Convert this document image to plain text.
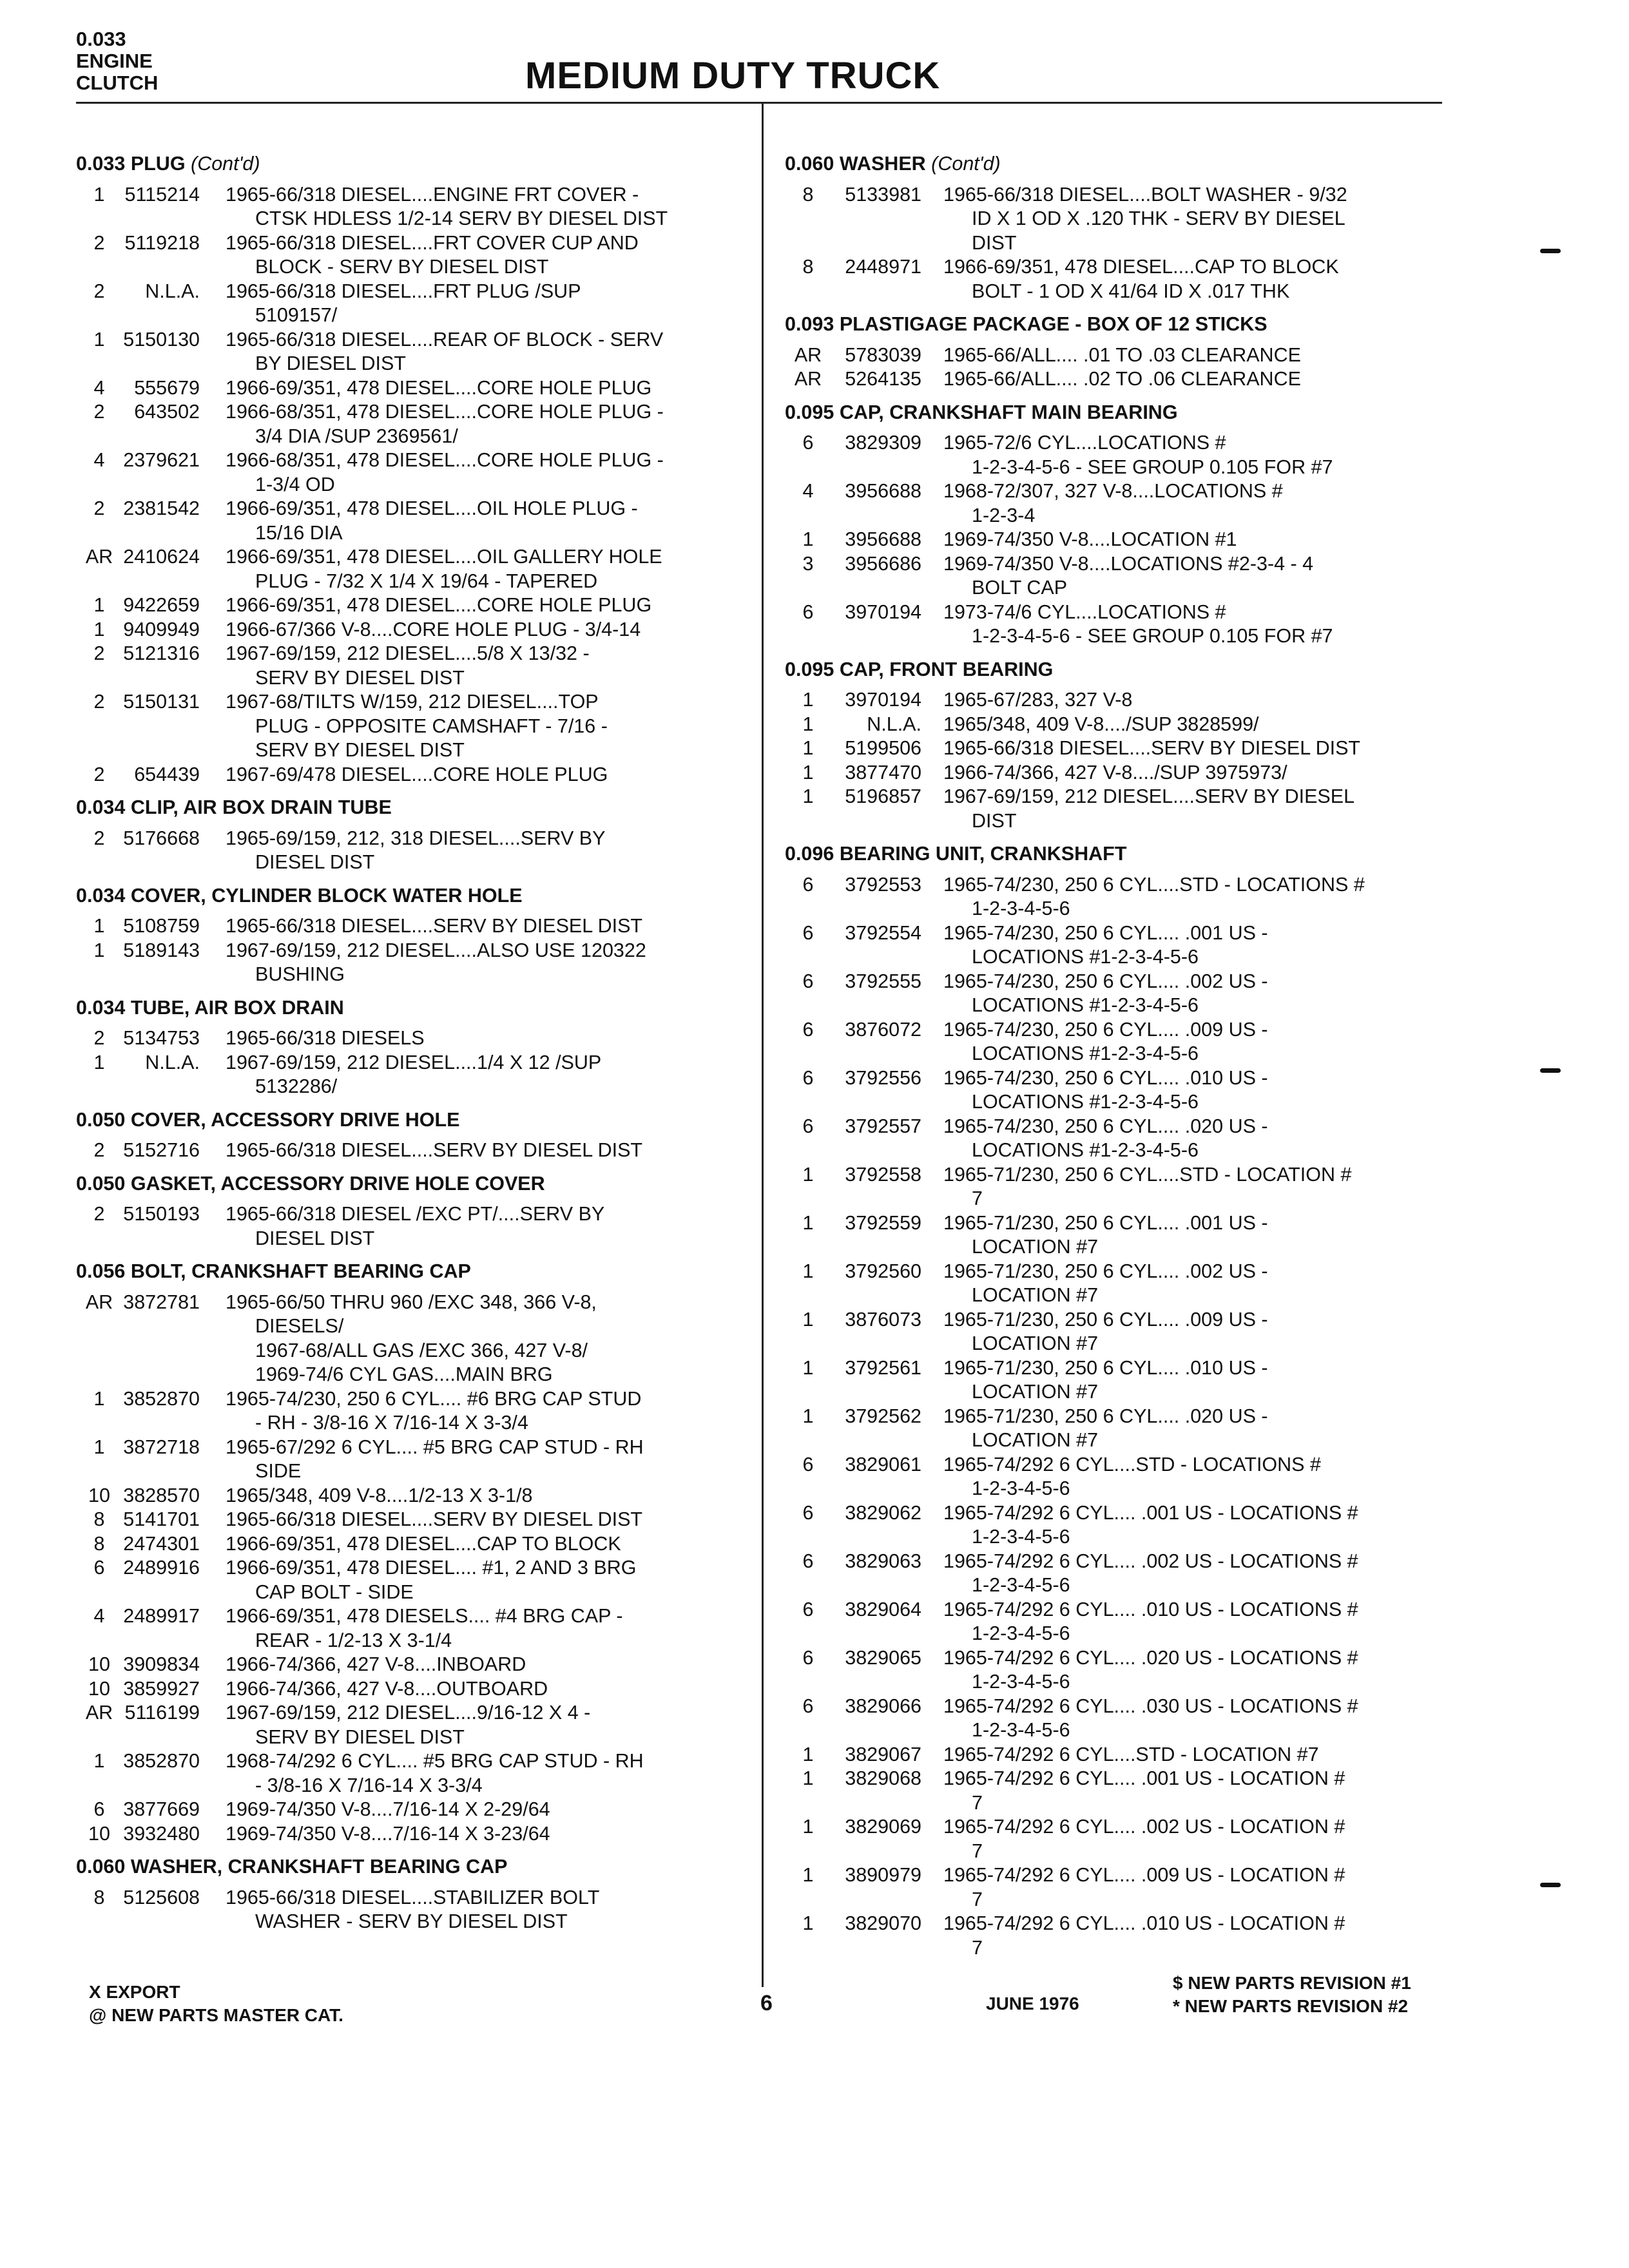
0.033
ENGINE
CLUTCH	MEDIUM DUTY TRUCK
0.033 PLUG (Cont'd)
1	5115214 1965-66/318 DIESEL....ENGINE FRT COVER -
CTSK HDLESS 1/2-14 SERV BY DIESEL DIST
2	5119218 1965-66/318 DIESEL....FRT COVER CUP AND
BLOCK - SERV BY DIESEL DIST
2	N.L.A. 1965-66/318 DIESEL....FRT PLUG /SUP
5109157/
1 5150130 1965-66/318 DIESEL....REAR OF BLOCK - SERV
BY DIESEL DIST
4	555679 1966-69/351, 478 DIESEL....CORE HOLE PLUG
2	643502 1966-68/351, 478 DIESEL....CORE HOLE PLUG -
3/4 DIA /SUP 2369561/
4 2379621 1966-68/351, 478 DIESEL....CORE HOLE PLUG -
1-3/4 OD
2 2381542 1966-69/351, 478 DIESEL....OIL HOLE PLUG -
15/16 DIA
AR 2410624 1966-69/351, 478 DIESEL....OIL GALLERY HOLE
PLUG - 7/32 X 1/4 X 19/64 - TAPERED
1 9422659 1966-69/351, 478 DIESEL....CORE HOLE PLUG
1 9409949 1966-67/366 V-8....CORE HOLE PLUG - 3/4-14
2 5121316 1967-69/159, 212 DIESEL....5/8 X 13/32 -
SERV BY DIESEL DIST
2 5150131 1967-68/TILTS W/159, 212 DIESEL....TOP
PLUG - OPPOSITE CAMSHAFT - 7/16 -
SERV BY DIESEL DIST
2	654439 1967-69/478 DIESEL....CORE HOLE PLUG
0.034 CLIP, AIR BOX DRAIN TUBE
2 5176668 1965-69/159, 212, 318 DIESEL....SERV BY
DIESEL DIST
0.034 COVER, CYLINDER BLOCK WATER HOLE
1 5108759 1965-66/318 DIESEL....SERV BY DIESEL DIST
1 5189143 1967-69/159, 212 DIESEL....ALSO USE 120322
BUSHING
0.034 TUBE, AIR BOX DRAIN
2 5134753 1965-66/318 DIESELS
1	N.L.A. 1967-69/159, 212 DIESEL....1/4 X 12 /SUP
5132286/
0.050 COVER, ACCESSORY DRIVE HOLE
2 5152716 1965-66/318 DIESEL....SERV BY DIESEL DIST
0.050 GASKET, ACCESSORY DRIVE HOLE COVER
2 5150193 1965-66/318 DIESEL /EXC PT/....SERV BY
DIESEL DIST
0.056 BOLT, CRANKSHAFT BEARING CAP
AR 3872781 1965-66/50 THRU 960 /EXC 348, 366 V-8,
DIESELS/
1967-68/ALL GAS /EXC 366, 427 V-8/
1969-74/6 CYL GAS....MAIN BRG
1 3852870 1965-74/230, 250 6 CYL.... #6 BRG CAP STUD
- RH - 3/8-16 X 7/16-14 X 3-3/4
1 3872718 1965-67/292 6 CYL.... #5 BRG CAP STUD - RH
SIDE
10 3828570 1965/348, 409 V-8....1/2-13 X 3-1/8
8 5141701 1965-66/318 DIESEL....SERV BY DIESEL DIST
8 2474301 1966-69/351, 478 DIESEL....CAP TO BLOCK
6 2489916 1966-69/351, 478 DIESEL.... #1, 2 AND 3 BRG
CAP BOLT - SIDE
4 2489917 1966-69/351, 478 DIESELS.... #4 BRG CAP -
REAR - 1/2-13 X 3-1/4
10 3909834 1966-74/366, 427 V-8....INBOARD
10 3859927 1966-74/366, 427 V-8....OUTBOARD
AR 5116199 1967-69/159, 212 DIESEL....9/16-12 X 4 -
SERV BY DIESEL DIST
1 3852870 1968-74/292 6 CYL.... #5 BRG CAP STUD - RH
- 3/8-16 X 7/16-14 X 3-3/4
6 3877669 1969-74/350 V-8....7/16-14 X 2-29/64
10 3932480 1969-74/350 V-8....7/16-14 X 3-23/64
0.060 WASHER, CRANKSHAFT BEARING CAP
8 5125608 1965-66/318 DIESEL....STABILIZER BOLT
WASHER - SERV BY DIESEL DIST
0.060 WASHER (Cont'd)
8	5133981 1965-66/318 DIESEL....BOLT WASHER - 9/32
ID X 1 OD X .120 THK - SERV BY DIESEL
DIST
8	2448971 1966-69/351, 478 DIESEL....CAP TO BLOCK
BOLT - 1 OD X 41/64 ID X .017 THK
0.093 PLASTIGAGE PACKAGE - BOX OF 12 STICKS
AR	5783039 1965-66/ALL.... .01 TO .03 CLEARANCE
AR	5264135 1965-66/ALL.... .02 TO .06 CLEARANCE
0.095 CAP, CRANKSHAFT MAIN BEARING
6	3829309 1965-72/6 CYL....LOCATIONS #
1-2-3-4-5-6 - SEE GROUP 0.105 FOR #7
4	3956688 1968-72/307, 327 V-8....LOCATIONS #
1-2-3-4
1	3956688 1969-74/350 V-8....LOCATION #1
3	3956686 1969-74/350 V-8....LOCATIONS #2-3-4 - 4
BOLT CAP
6	3970194 1973-74/6 CYL....LOCATIONS #
1-2-3-4-5-6 - SEE GROUP 0.105 FOR #7
0.095 CAP, FRONT BEARING
1	3970194 1965-67/283, 327 V-8
1	N.L.A. 1965/348, 409 V-8..../SUP 3828599/
1	5199506 1965-66/318 DIESEL....SERV BY DIESEL DIST
1	3877470 1966-74/366, 427 V-8..../SUP 3975973/
1	5196857 1967-69/159, 212 DIESEL....SERV BY DIESEL
DIST
0.096 BEARING UNIT, CRANKSHAFT
6	3792553 1965-74/230, 250 6 CYL....STD - LOCATIONS #
1-2-3-4-5-6
6	3792554 1965-74/230, 250 6 CYL.... .001 US -
LOCATIONS #1-2-3-4-5-6
6	3792555 1965-74/230, 250 6 CYL.... .002 US -
LOCATIONS #1-2-3-4-5-6
6	3876072 1965-74/230, 250 6 CYL.... .009 US -
LOCATIONS #1-2-3-4-5-6
6	3792556 1965-74/230, 250 6 CYL.... .010 US -
LOCATIONS #1-2-3-4-5-6
6	3792557 1965-74/230, 250 6 CYL.... .020 US -
LOCATIONS #1-2-3-4-5-6
1	3792558 1965-71/230, 250 6 CYL....STD - LOCATION #
7
1	3792559 1965-71/230, 250 6 CYL.... .001 US -
LOCATION #7
1	3792560 1965-71/230, 250 6 CYL.... .002 US -
LOCATION #7
1	3876073 1965-71/230, 250 6 CYL.... .009 US -
LOCATION #7
1	3792561 1965-71/230, 250 6 CYL.... .010 US -
LOCATION #7
1	3792562 1965-71/230, 250 6 CYL.... .020 US -
LOCATION #7
6	3829061 1965-74/292 6 CYL....STD - LOCATIONS #
1-2-3-4-5-6
6	3829062 1965-74/292 6 CYL.... .001 US - LOCATIONS #
1-2-3-4-5-6
6	3829063 1965-74/292 6 CYL.... .002 US - LOCATIONS #
1-2-3-4-5-6
6	3829064 1965-74/292 6 CYL.... .010 US - LOCATIONS #
1-2-3-4-5-6
6	3829065 1965-74/292 6 CYL.... .020 US - LOCATIONS #
1-2-3-4-5-6
6	3829066 1965-74/292 6 CYL.... .030 US - LOCATIONS #
1-2-3-4-5-6
1	3829067 1965-74/292 6 CYL....STD - LOCATION #7
1	3829068 1965-74/292 6 CYL.... .001 US - LOCATION #
7
1	3829069 1965-74/292 6 CYL.... .002 US - LOCATION #
7
1	3890979 1965-74/292 6 CYL.... .009 US - LOCATION #
7
1	3829070 1965-74/292 6 CYL.... .010 US - LOCATION #
7
X EXPORT
@ NEW PARTS MASTER CAT.	6	JUNE 1976
$ NEW PARTS REVISION #1
* NEW PARTS REVISION #2
